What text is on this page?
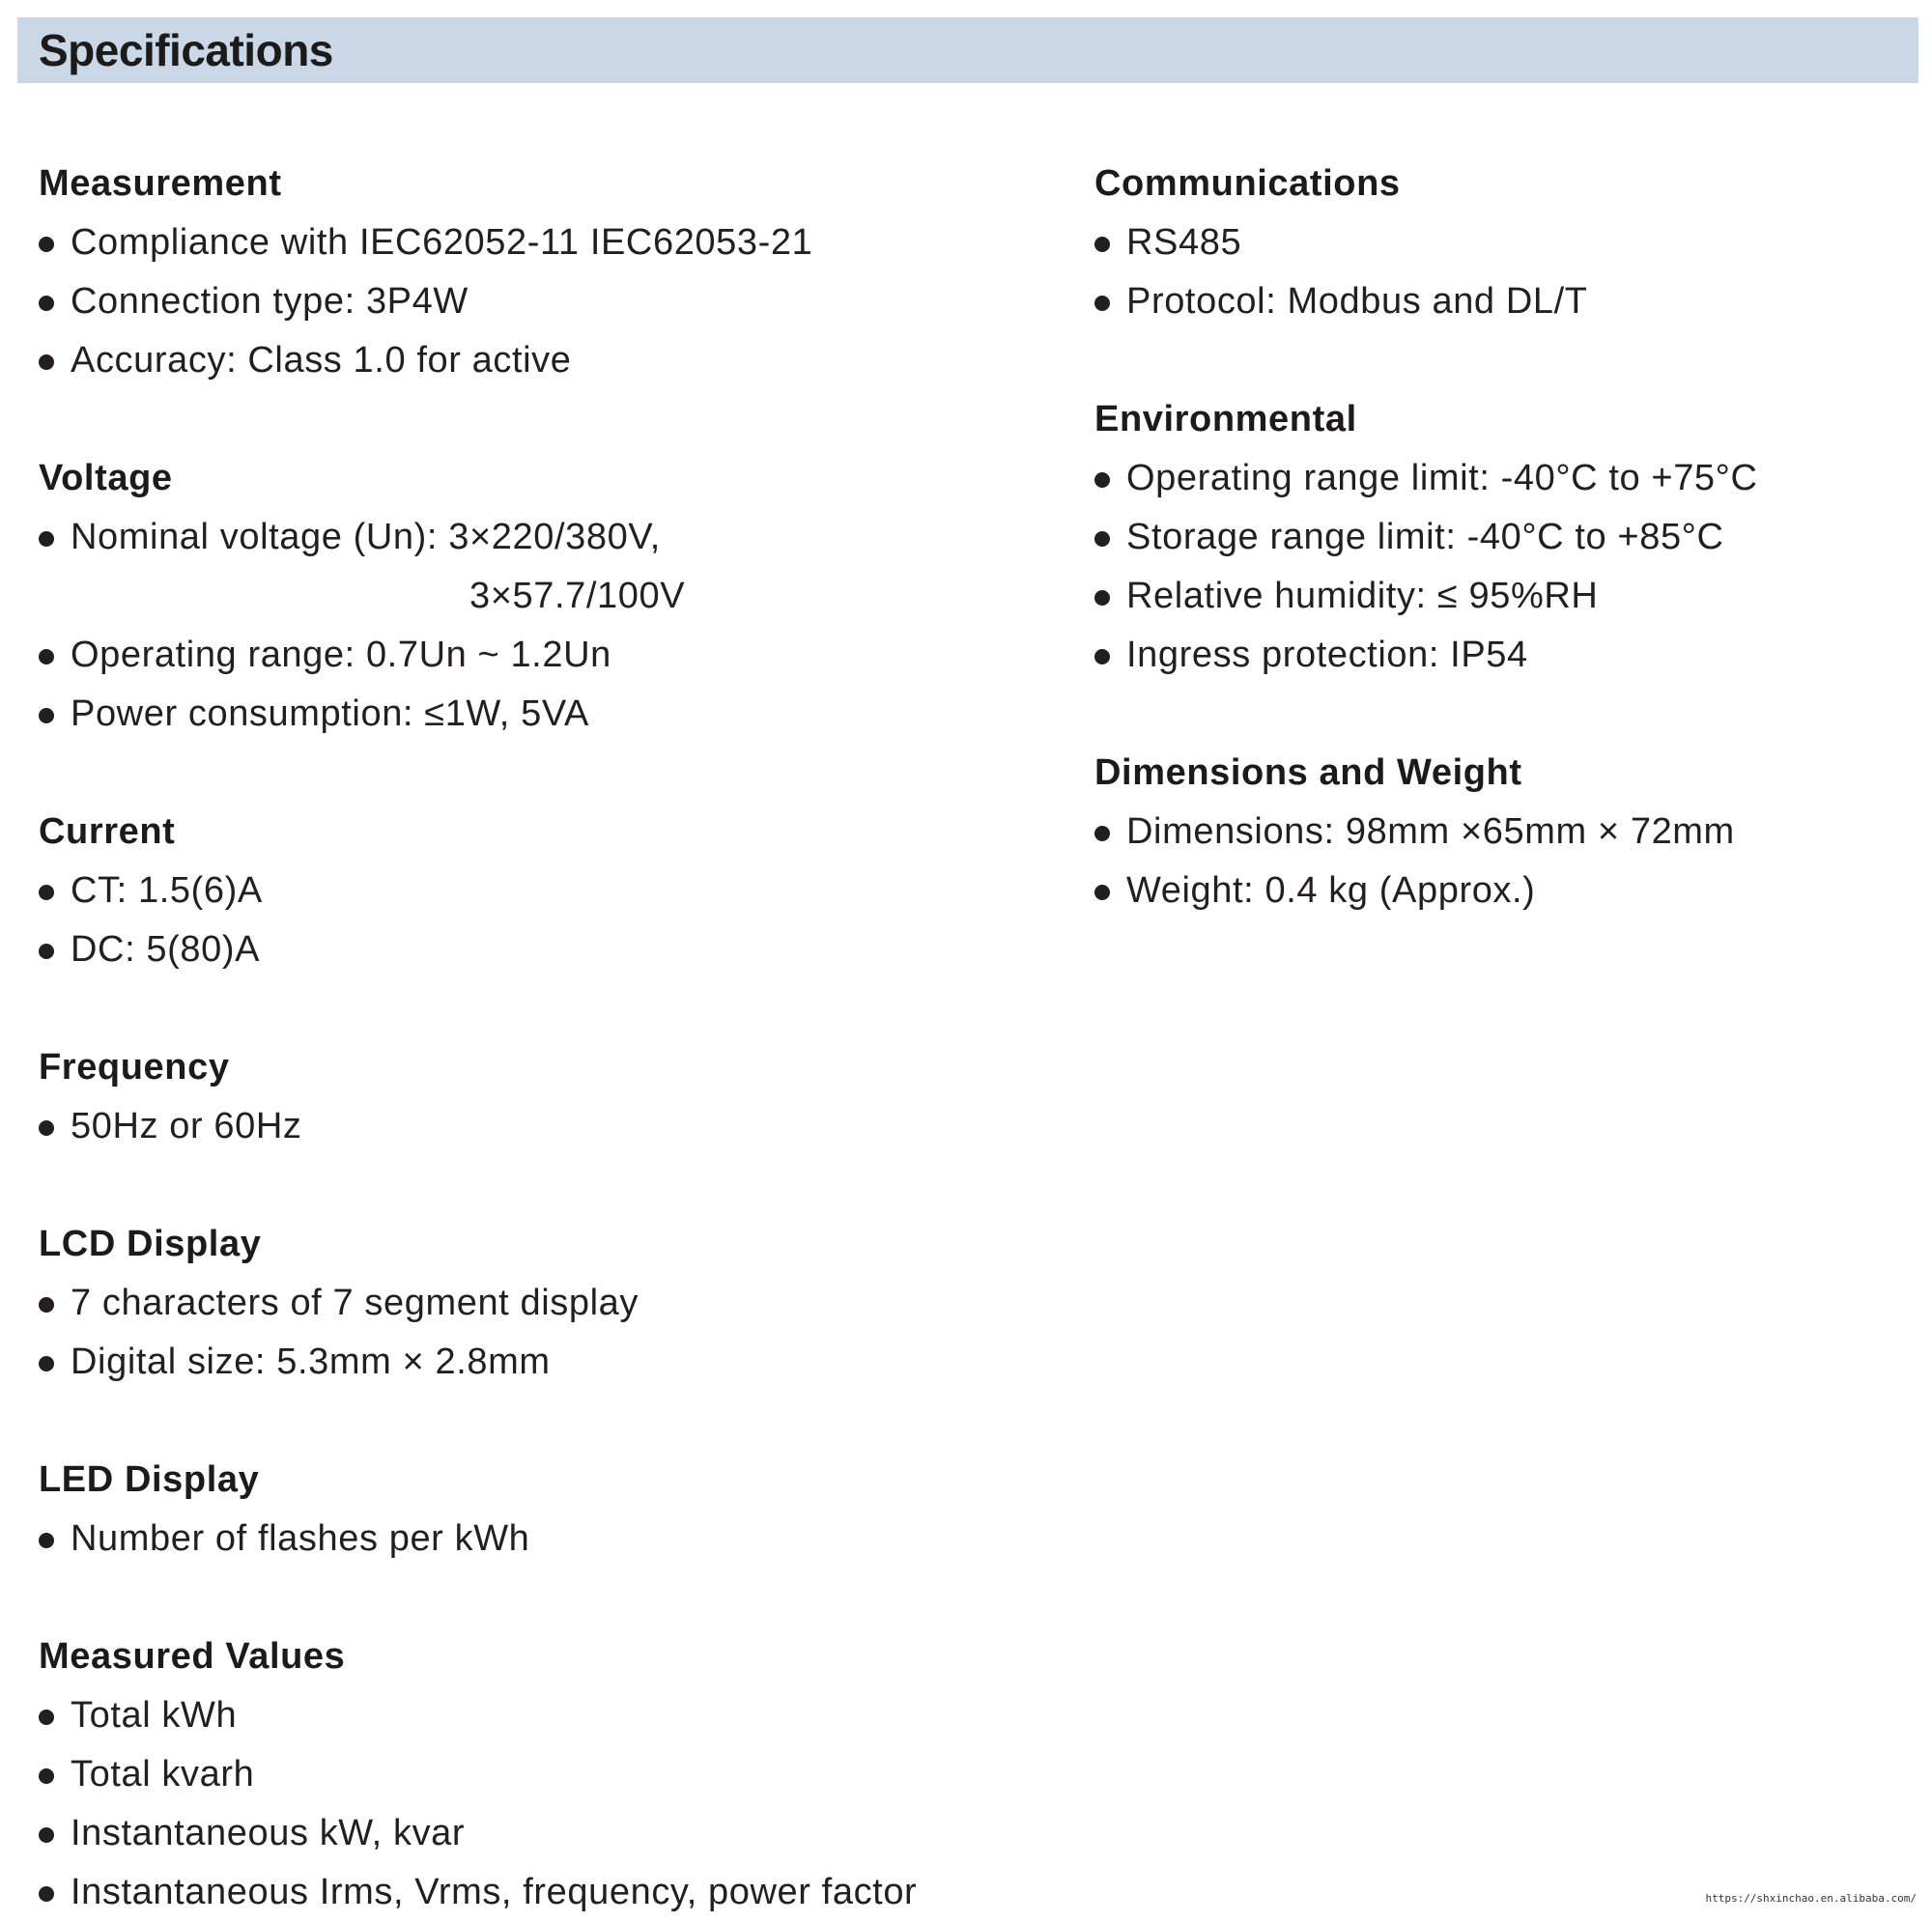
Specifications
Measurement
Compliance with IEC62052-11 IEC62053-21
Connection type: 3P4W
Accuracy: Class 1.0 for active
Voltage
Nominal voltage (Un): 3×220/380V,
3×57.7/100V
Operating range: 0.7Un ~ 1.2Un
Power consumption: ≤1W, 5VA
Current
CT: 1.5(6)A
DC: 5(80)A
Frequency
50Hz or 60Hz
LCD Display
7 characters of 7 segment display
Digital size: 5.3mm × 2.8mm
LED Display
Number of flashes per kWh
Measured Values
Total kWh
Total kvarh
Instantaneous kW, kvar
Instantaneous Irms, Vrms, frequency, power factor
Communications
RS485
Protocol: Modbus and DL/T
Environmental
Operating range limit: -40°C to +75°C
Storage range limit: -40°C to +85°C
Relative humidity: ≤ 95%RH
Ingress protection: IP54
Dimensions and Weight
Dimensions: 98mm ×65mm × 72mm
Weight: 0.4 kg (Approx.)
https://shxinchao.en.alibaba.com/
